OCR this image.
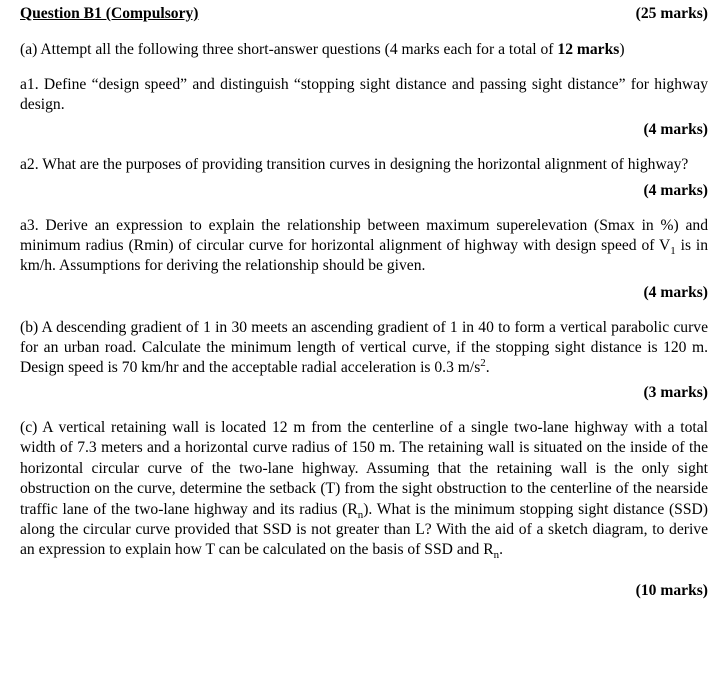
Question B1 (Compulsory)	(25 marks)

(a) Attempt all the following three short-answer questions (4 marks each for a total of 12 marks)

a1. Define “design speed” and distinguish “stopping sight distance and passing sight distance” for highway design.

(4 marks)

a2. What are the purposes of providing transition curves in designing the horizontal alignment of highway?

(4 marks)

a3. Derive an expression to explain the relationship between maximum superelevation (Smax in %) and minimum radius (Rmin) of circular curve for horizontal alignment of highway with design speed of $V_1$ is in km/h. Assumptions for deriving the relationship should be given.

(4 marks)

(b) A descending gradient of 1 in 30 meets an ascending gradient of 1 in 40 to form a vertical parabolic curve for an urban road. Calculate the minimum length of vertical curve, if the stopping sight distance is 120 m. Design speed is 70 km/hr and the acceptable radial acceleration is 0.3 $m/s^2$.

(3 marks)

(c) A vertical retaining wall is located 12 m from the centerline of a single two-lane highway with a total width of 7.3 meters and a horizontal curve radius of 150 m. The retaining wall is situated on the inside of the horizontal circular curve of the two-lane highway. Assuming that the retaining wall is the only sight obstruction on the curve, determine the setback (T) from the sight obstruction to the centerline of the nearside traffic lane of the two-lane highway and its radius $(R_n)$. What is the minimum stopping sight distance (SSD) along the circular curve provided that SSD is not greater than L? With the aid of a sketch diagram, to derive an expression to explain how T can be calculated on the basis of SSD and $R_n$.

(10 marks)
